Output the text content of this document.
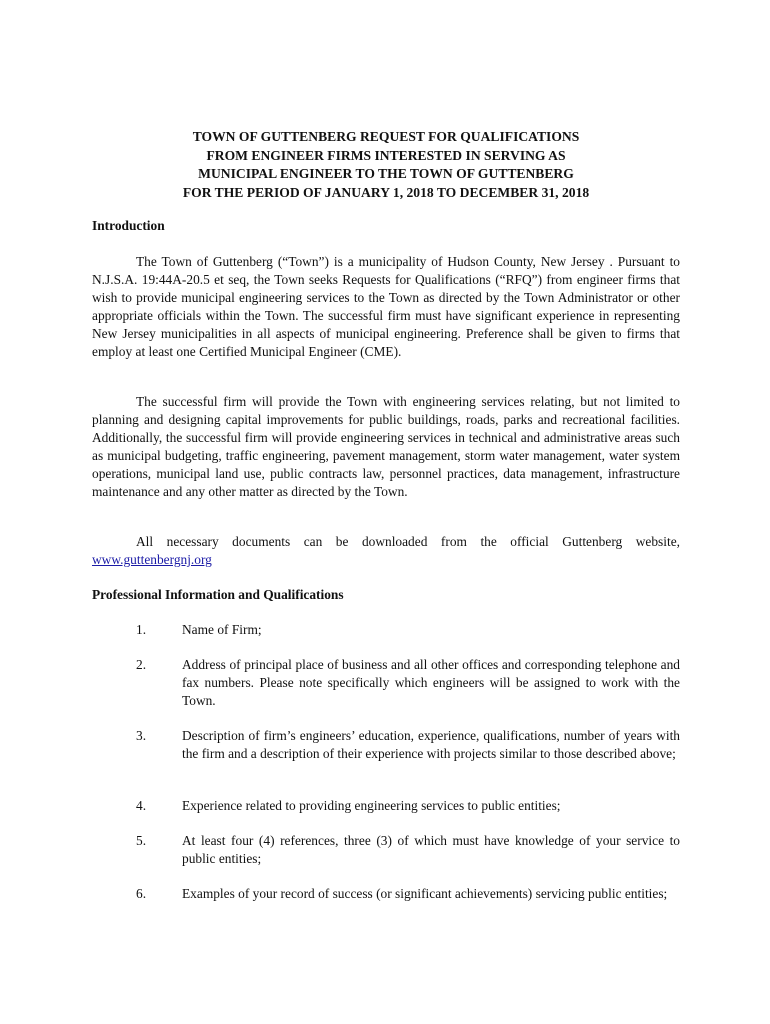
TOWN OF GUTTENBERG REQUEST FOR QUALIFICATIONS
FROM ENGINEER FIRMS INTERESTED IN SERVING AS
MUNICIPAL ENGINEER TO THE TOWN OF GUTTENBERG
FOR THE PERIOD OF JANUARY 1, 2018 TO DECEMBER 31, 2018
Introduction

The Town of Guttenberg (“Town”) is a municipality of Hudson County, New Jersey . Pursuant to N.J.S.A. 19:44A-20.5 et seq, the Town seeks Requests for Qualifications (“RFQ”) from engineer firms that wish to provide municipal engineering services to the Town as directed by the Town Administrator or other appropriate officials within the Town. The successful firm must have significant experience in representing New Jersey municipalities in all aspects of municipal engineering. Preference shall be given to firms that employ at least one Certified Municipal Engineer (CME).

The successful firm will provide the Town with engineering services relating, but not limited to planning and designing capital improvements for public buildings, roads, parks and recreational facilities. Additionally, the successful firm will provide engineering services in technical and administrative areas such as municipal budgeting, traffic engineering, pavement management, storm water management, water system operations, municipal land use, public contracts law, personnel practices, data management, infrastructure maintenance and any other matter as directed by the Town.

All necessary documents can be downloaded from the official Guttenberg website, www.guttenbergnj.org

Professional Information and Qualifications
1.	Name of Firm;
2.	Address of principal place of business and all other offices and corresponding telephone and fax numbers. Please note specifically which engineers will be assigned to work with the Town.
3.	Description of firm’s engineers’ education, experience, qualifications, number of years with the firm and a description of their experience with projects similar to those described above;
4.	Experience related to providing engineering services to public entities;
5.	At least four (4) references, three (3) of which must have knowledge of your service to public entities;
6.	Examples of your record of success (or significant achievements) servicing public entities;
